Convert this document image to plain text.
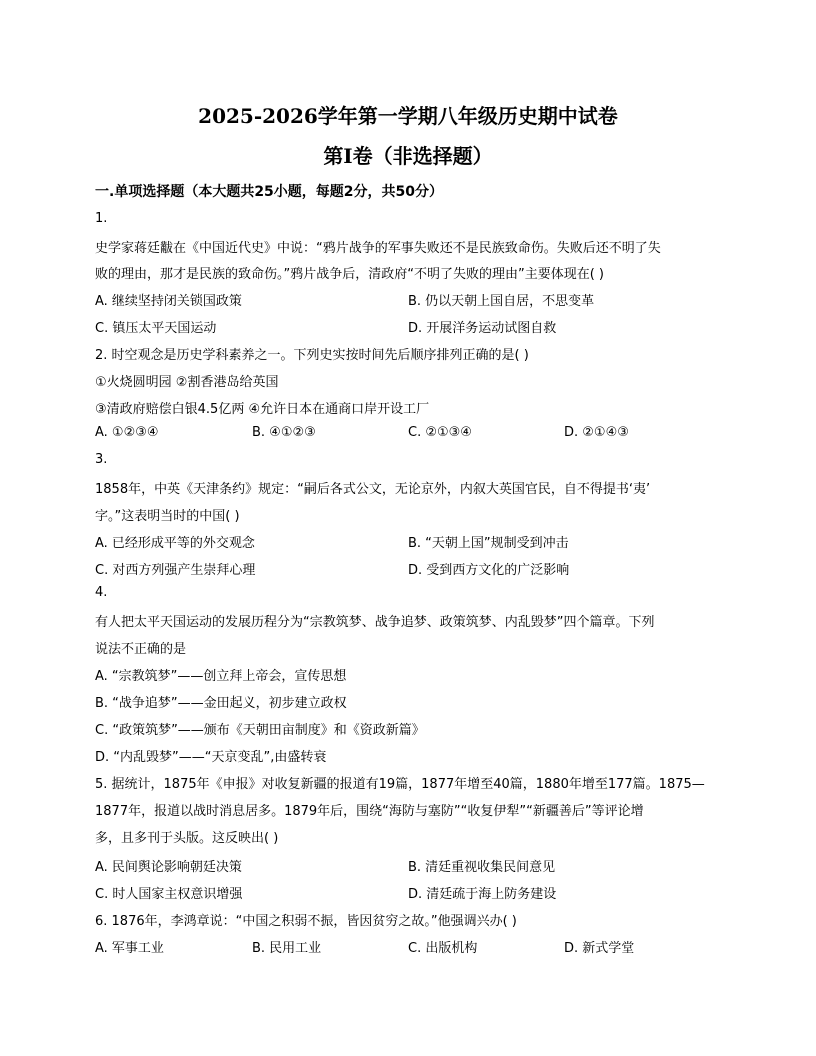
2025-2026学年第一学期八年级历史期中试卷
第Ⅰ卷（非选择题）
一.单项选择题（本大题共25小题，每题2分，共50分）
1.
史学家蒋廷黻在《中国近代史》中说：“鸦片战争的军事失败还不是民族致命伤。失败后还不明了失
败的理由，那才是民族的致命伤。”鸦片战争后，清政府“不明了失败的理由”主要体现在( )
A. 继续坚持闭关锁国政策	B. 仍以天朝上国自居，不思变革
C. 镇压太平天国运动	D. 开展洋务运动试图自救
2. 时空观念是历史学科素养之一。下列史实按时间先后顺序排列正确的是( )
①火烧圆明园 ②割香港岛给英国
③清政府赔偿白银4.5亿两 ④允许日本在通商口岸开设工厂
A. ①②③④	B. ④①②③	C. ②①③④	D. ②①④③
3.
1858年，中英《天津条约》规定：“嗣后各式公文，无论京外，内叙大英国官民，自不得提书‘夷’
字。”这表明当时的中国( )
A. 已经形成平等的外交观念	B. “天朝上国”规制受到冲击
C. 对西方列强产生崇拜心理	D. 受到西方文化的广泛影响
4.
有人把太平天国运动的发展历程分为“宗教筑梦、战争追梦、政策筑梦、内乱毁梦”四个篇章。下列
说法不正确的是
A. “宗教筑梦”——创立拜上帝会，宣传思想
B. “战争追梦”——金田起义，初步建立政权
C. “政策筑梦”——颁布《天朝田亩制度》和《资政新篇》
D. “内乱毁梦”——“天京变乱”,由盛转衰
5. 据统计，1875年《申报》对收复新疆的报道有19篇，1877年增至40篇，1880年增至177篇。1875—
1877年，报道以战时消息居多。1879年后，围绕“海防与塞防”“收复伊犁”“新疆善后”等评论增
多，且多刊于头版。这反映出( )
A. 民间舆论影响朝廷决策	B. 清廷重视收集民间意见
C. 时人国家主权意识增强	D. 清廷疏于海上防务建设
6. 1876年，李鸿章说：“中国之积弱不振，皆因贫穷之故。”他强调兴办( )
A. 军事工业	B. 民用工业	C. 出版机构	D. 新式学堂
